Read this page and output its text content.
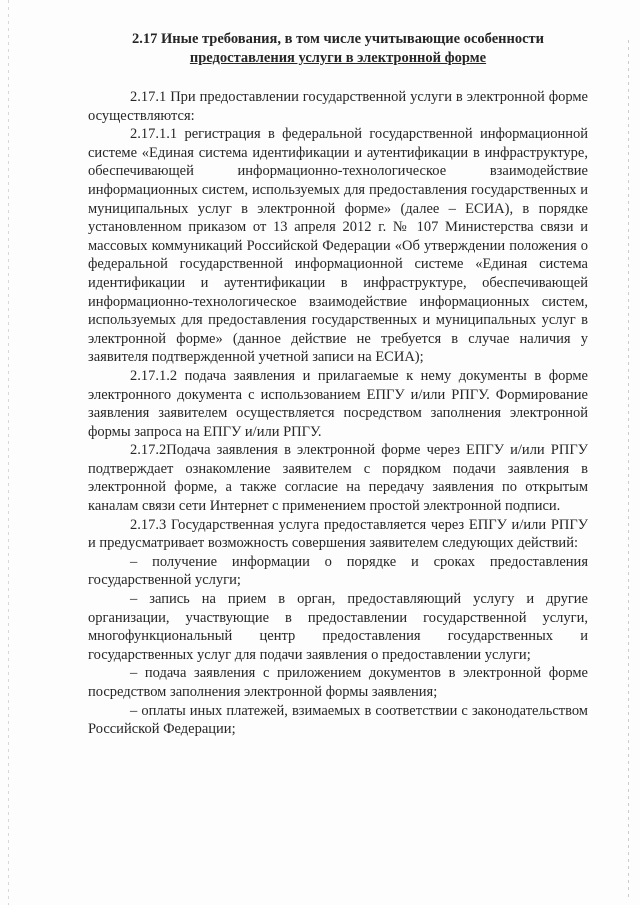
2.17 Иные требования, в том числе учитывающие особенности
предоставления услуги в электронной форме

2.17.1 При предоставлении государственной услуги в электронной форме осуществляются:

2.17.1.1 регистрация в федеральной государственной информационной системе «Единая система идентификации и аутентификации в инфраструктуре, обеспечивающей информационно-технологическое взаимодействие информационных систем, используемых для предоставления государственных и муниципальных услуг в электронной форме» (далее – ЕСИА), в порядке установленном приказом от 13 апреля 2012 г. № 107 Министерства связи и массовых коммуникаций Российской Федерации «Об утверждении положения о федеральной государственной информационной системе «Единая система идентификации и аутентификации в инфраструктуре, обеспечивающей информационно-технологическое взаимодействие информационных систем, используемых для предоставления государственных и муниципальных услуг в электронной форме» (данное действие не требуется в случае наличия у заявителя подтвержденной учетной записи на ЕСИА);

2.17.1.2 подача заявления и прилагаемые к нему документы в форме электронного документа с использованием ЕПГУ и/или РПГУ. Формирование заявления заявителем осуществляется посредством заполнения электронной формы запроса на ЕПГУ и/или РПГУ.

2.17.2Подача заявления в электронной форме через ЕПГУ и/или РПГУ подтверждает ознакомление заявителем с порядком подачи заявления в электронной форме, а также согласие на передачу заявления по открытым каналам связи сети Интернет с применением простой электронной подписи.

2.17.3 Государственная услуга предоставляется через ЕПГУ и/или РПГУ и предусматривает возможность совершения заявителем следующих действий:

– получение информации о порядке и сроках предоставления государственной услуги;

– запись на прием в орган, предоставляющий услугу и другие организации, участвующие в предоставлении государственной услуги, многофункциональный центр предоставления государственных и государственных услуг для подачи заявления о предоставлении услуги;

– подача заявления с приложением документов в электронной форме посредством заполнения электронной формы заявления;

– оплаты иных платежей, взимаемых в соответствии с законодательством Российской Федерации;
